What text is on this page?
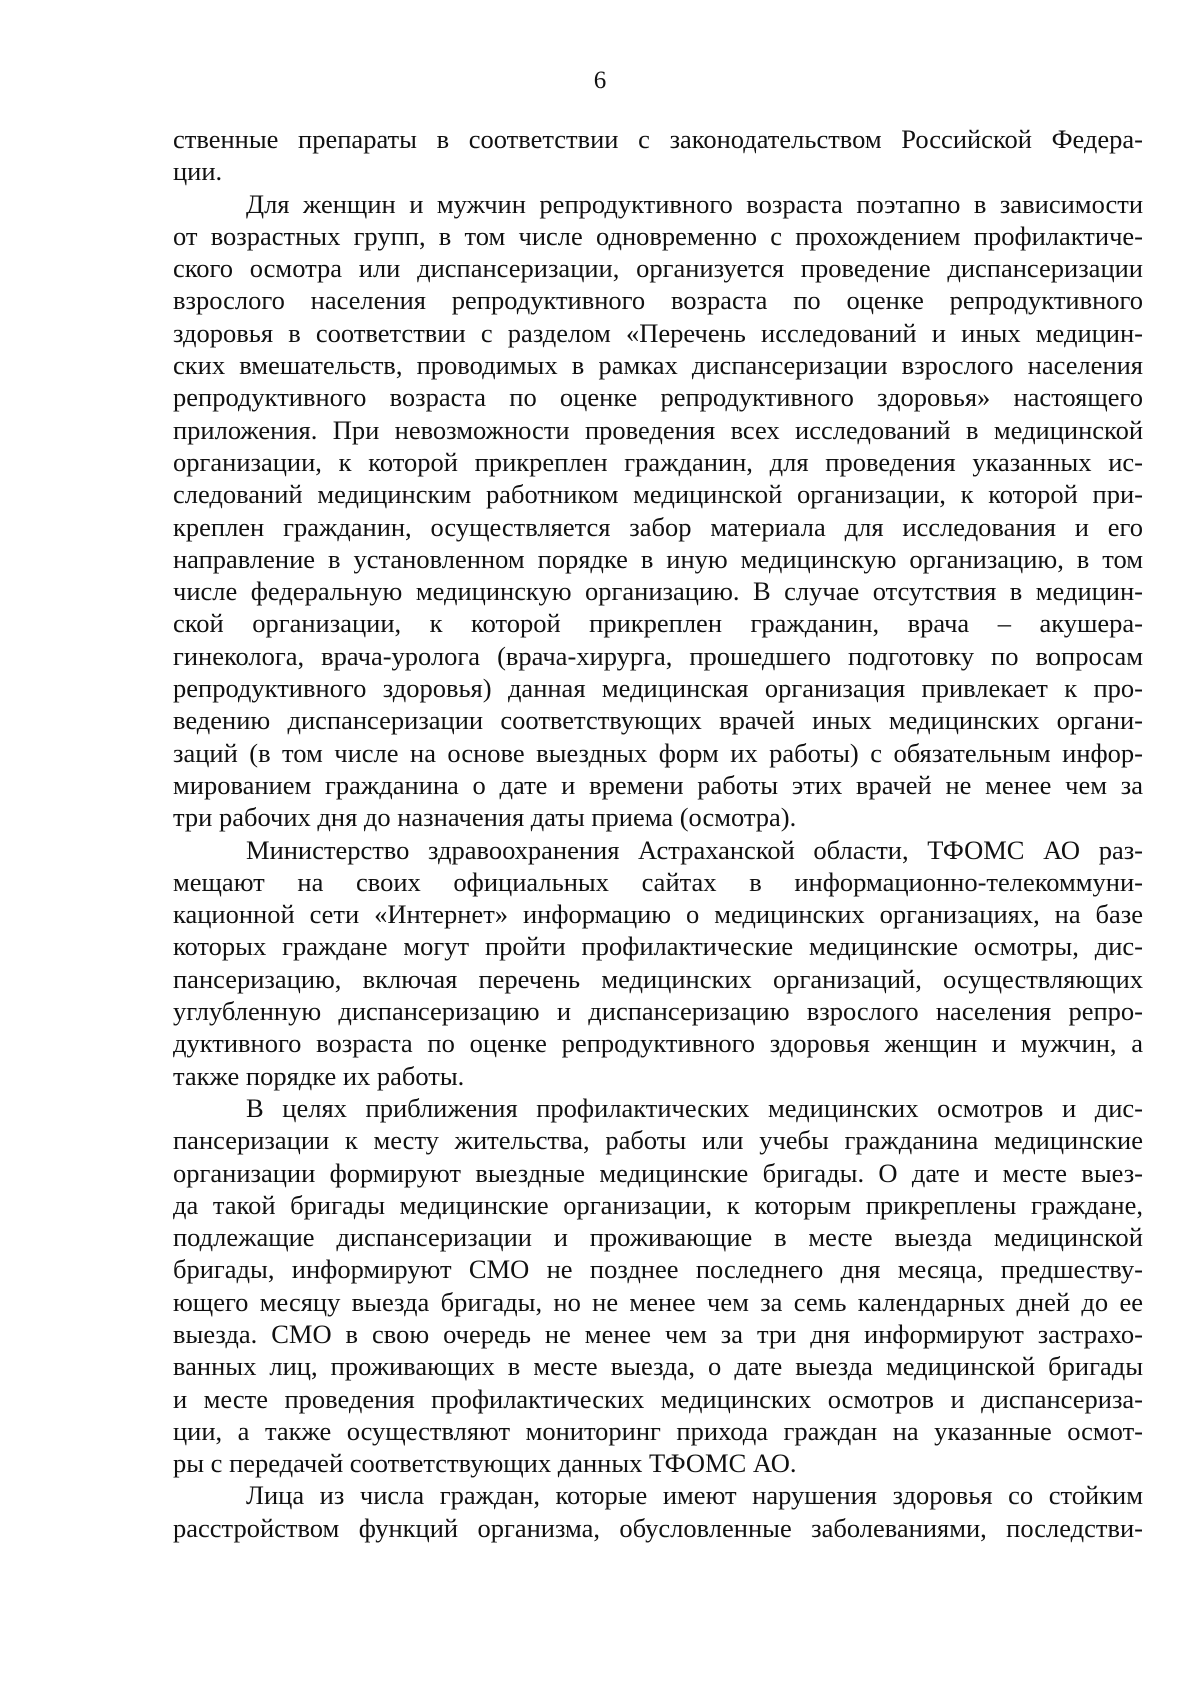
6
ственные препараты в соответствии с законодательством Российской Федера-
ции.
Для женщин и мужчин репродуктивного возраста поэтапно в зависимости
от возрастных групп, в том числе одновременно с прохождением профилактиче-
ского осмотра или диспансеризации, организуется проведение диспансеризации
взрослого населения репродуктивного возраста по оценке репродуктивного
здоровья в соответствии с разделом «Перечень исследований и иных медицин-
ских вмешательств, проводимых в рамках диспансеризации взрослого населения
репродуктивного возраста по оценке репродуктивного здоровья» настоящего
приложения. При невозможности проведения всех исследований в медицинской
организации, к которой прикреплен гражданин, для проведения указанных ис-
следований медицинским работником медицинской организации, к которой при-
креплен гражданин, осуществляется забор материала для исследования и его
направление в установленном порядке в иную медицинскую организацию, в том
числе федеральную медицинскую организацию. В случае отсутствия в медицин-
ской организации, к которой прикреплен гражданин, врача – акушера-
гинеколога, врача-уролога (врача-хирурга, прошедшего подготовку по вопросам
репродуктивного здоровья) данная медицинская организация привлекает к про-
ведению диспансеризации соответствующих врачей иных медицинских органи-
заций (в том числе на основе выездных форм их работы) с обязательным инфор-
мированием гражданина о дате и времени работы этих врачей не менее чем за
три рабочих дня до назначения даты приема (осмотра).
Министерство здравоохранения Астраханской области, ТФОМС АО раз-
мещают на своих официальных сайтах в информационно-телекоммуни-
кационной сети «Интернет» информацию о медицинских организациях, на базе
которых граждане могут пройти профилактические медицинские осмотры, дис-
пансеризацию, включая перечень медицинских организаций, осуществляющих
углубленную диспансеризацию и диспансеризацию взрослого населения репро-
дуктивного возраста по оценке репродуктивного здоровья женщин и мужчин, а
также порядке их работы.
В целях приближения профилактических медицинских осмотров и дис-
пансеризации к месту жительства, работы или учебы гражданина медицинские
организации формируют выездные медицинские бригады. О дате и месте выез-
да такой бригады медицинские организации, к которым прикреплены граждане,
подлежащие диспансеризации и проживающие в месте выезда медицинской
бригады, информируют СМО не позднее последнего дня месяца, предшеству-
ющего месяцу выезда бригады, но не менее чем за семь календарных дней до ее
выезда. СМО в свою очередь не менее чем за три дня информируют застрахо-
ванных лиц, проживающих в месте выезда, о дате выезда медицинской бригады
и месте проведения профилактических медицинских осмотров и диспансериза-
ции, а также осуществляют мониторинг прихода граждан на указанные осмот-
ры с передачей соответствующих данных ТФОМС АО.
Лица из числа граждан, которые имеют нарушения здоровья со стойким
расстройством функций организма, обусловленные заболеваниями, последстви-
